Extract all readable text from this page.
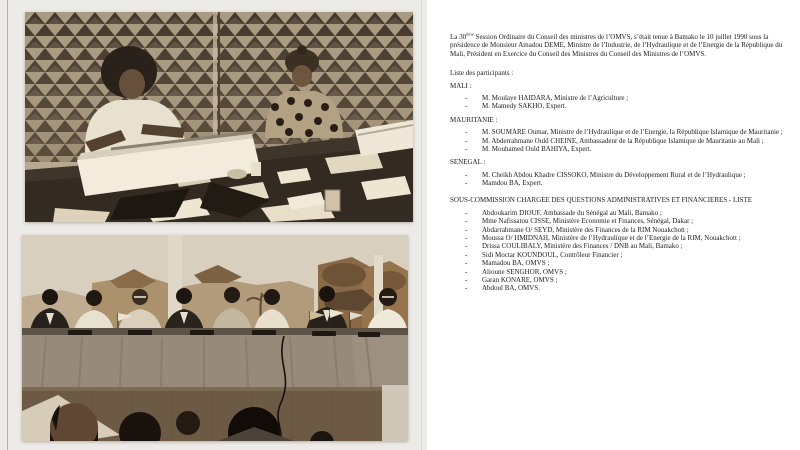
La 30ème Session Ordinaire du Conseil des ministres de l’OMVS, s’était tenue à Bamako le 10 juillet 1990 sous la présidence de Monsieur Amadou DEME, Ministre de l’Industrie, de l’Hydraulique et de l’Energie de la République du Mali, Président en Exercice du Conseil des Ministres du Conseil des Ministres de l’OMVS.

Liste des participants :

MALI :
-	M. Moulaye HAIDARA, Ministre de l’Agriculture ;
-	M. Mamedy SAKHO, Expert.
MAURITANIE :
-	M. SOUMARE Oumar, Ministre de l’Hydraulique et de l’Energie, la République Islamique de Mauritanie ;
-	M. Abderrahmane Ould CHEINE, Ambassadeur de la République Islamique de Mauritanie au Mali ;
-	M. Mouhamed Ould BAHIYA, Expert.
SENEGAL :
-	M. Cheikh Abdou Khadre CISSOKO, Ministre du Développement Rural et de l’Hydraulique ;
-	Mamdou BA, Expert.
SOUS-COMMISSION CHARGEE DES QUESTIONS ADMINISTRATIVES ET FINANCIERES - LISTE
-	Abdoukarim DIOUF, Ambassade du Sénégal au Mali, Bamako ;
-	Mme Nafissatou CISSE, Ministère Economie et Finances, Sénégal, Dakar ;
-	Abdarrahmane O/ SEYD, Ministère des Finances de la RIM Nouakchott ;
-	Moussa O/ HMIDNAH, Ministère de l’Hydraulique et de l’Energie de la RIM, Nouakchott ;
-	Drissa COULIBALY, Ministère des Finances / DNB au Mali, Bamako ;
-	Sidi Moctar KOUNDOUL, Contrôleur Financier ;
-	Mamadou BA, OMVS ;
-	Alioune SENGHOR, OMVS ;
-	Garan KONARE, OMVS ;
-	Abdoul BA, OMVS.
